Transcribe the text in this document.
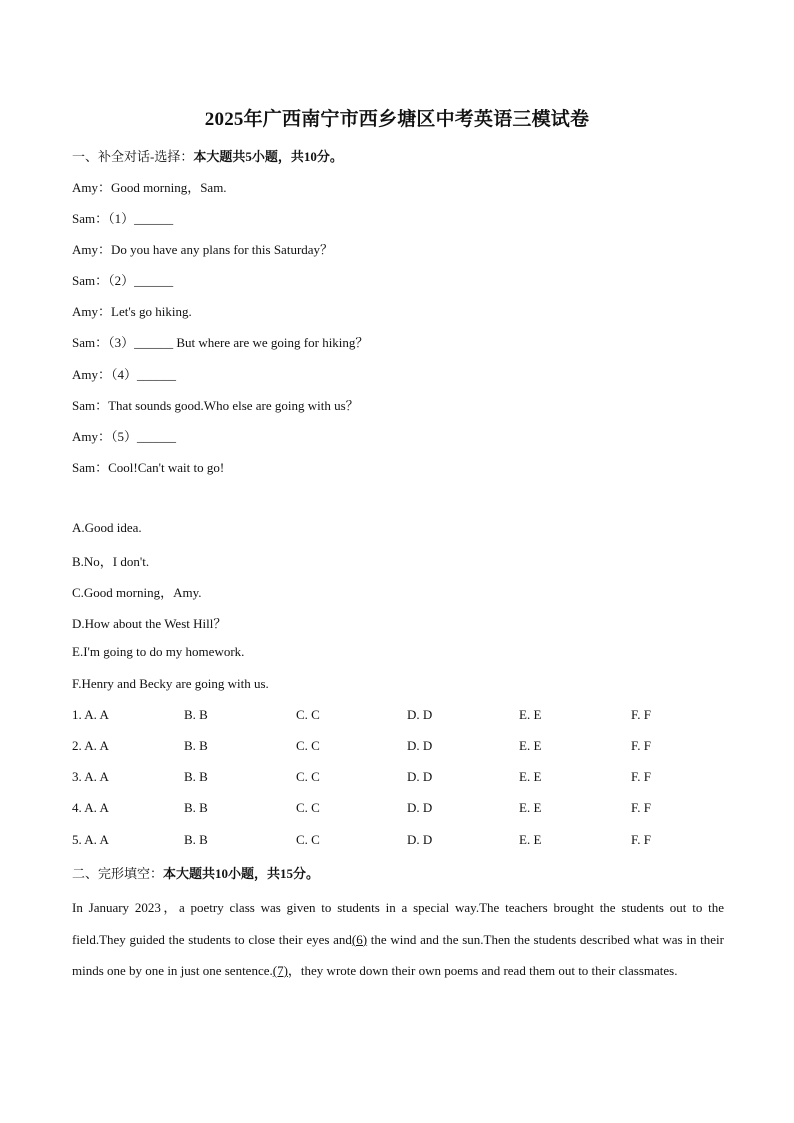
2025年广西南宁市西乡塘区中考英语三模试卷
一、补全对话-选择：本大题共5小题，共10分。
Amy：Good morning，Sam.
Sam：（1）______
Amy：Do you have any plans for this Saturday？
Sam：（2）______
Amy：Let's go hiking.
Sam：（3）______ But where are we going for hiking？
Amy：（4）______
Sam：That sounds good.Who else are going with us？
Amy：（5）______
Sam：Cool!Can't wait to go!
A.Good idea.
B.No，I don't.
C.Good morning，Amy.
D.How about the West Hill？
E.I'm going to do my homework.
F.Henry and Becky are going with us.
1. A. A	B. B	C. C	D. D	E. E	F. F
2. A. A	B. B	C. C	D. D	E. E	F. F
3. A. A	B. B	C. C	D. D	E. E	F. F
4. A. A	B. B	C. C	D. D	E. E	F. F
5. A. A	B. B	C. C	D. D	E. E	F. F
二、完形填空：本大题共10小题，共15分。
In January 2023，a poetry class was given to students in a special way.The teachers brought the students out to the field.They guided the students to close their eyes and(6) the wind and the sun.Then the students described what was in their minds one by one in just one sentence.(7)，they wrote down their own poems and read them out to their classmates.
